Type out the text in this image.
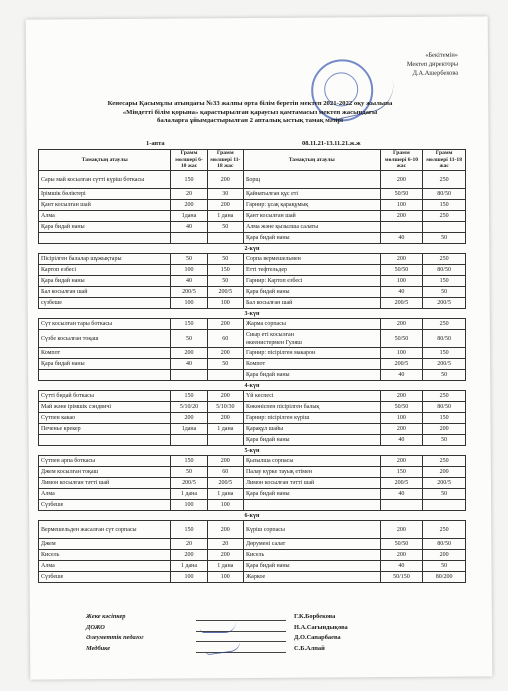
«Бекітемін»
Мектеп директоры
Д.А.Ашербекова
Кенесары Қасымұлы атындағы №33 жалпы орта білім беретін мектеп 2021-2022 оқу жылына
«Міндетті білім қорына» қарастырылған қараусыз қамтамасыз мектеп жасындағы
балаларға ұйымдастырылған 2 апталық ыстық тамақ мәзірі
1-апта	08.11.21-13.11.21.ж.ж
Тамақтың атаулы	Грамм мөлшері 6-10 жас	Грамм мөлшері 11-18 жас	Тамақтың атаулы	Грамм мөлшері 6-10 жас	Грамм мөлшері 11-18 жас
Сары май косылған сүтті күріш боткасы	150	200	Борщ	200	250
Ірімшік бөліктері	20	30	Қайнатылған құс еті	50/50	80/50
Қант косылған шай	200	200	Гарнир: ұсақ қарақұмық	100	150
Алма	1дана	1 дана	Қант косылған шай	200	250
Қара бидай наны	40	50	Алма және қызылша салаты		
			Қара бидай наны	40	50
2-күн					
Пісірілген балалар шұжықтары	50	50	Сорпа вермешельмен	200	250
Картоп езбесі	100	150	Етті тефтельдер	50/50	80/50
Қара бидай наны	40	50	Гарнир: Картоп езбесі	100	150
Бал косылған шай	200/5	200/5	Қара бидай наны	40	50
сүзбеше	100	100	Бал косылған шай	200/5	200/5
3-күн					
Сүт косылған тары боткасы	150	200	Жарма сорпасы	200	250
Сүзбе косылған тоқаш	50	60	Сиыр еті косылған
өкеенистермен Гуляш	50/50	80/50
Компот	200	200	Гарнир: пісірілген макарон	100	150
Қара бидай наны	40	50	Компот	200/5	200/5
			Қара бидай наны	40	50
4-күн					
Сүтті бидай боткасы	150	200	Үй кеспесі	200	250
Май және ірімшік сэндвичі	5/10/20	5/10/30	Көкөніспен пісірілген балық	50/50	80/50
Сүтпен какао	200	200	Гарнир: пісірілген күріш	100	150
Печенье крекер	1дана	1 дана	Қарақұл шайы	200	200
			Қара бидай наны	40	50
5-күн					
Сүтпен арпа боткасы	150	200	Қызылша сорпасы	200	250
Джем косылған тоқаш	50	60	Палау күркe тауық етімен	150	200
Лимон косылған тәтті шай	200/5	200/5	Лимон косылған тәтті шай	200/5	200/5
Алма	1 дана	1 дана	Қара бидай наны	40	50
Сүзбеше	100	100			
6-күн					
Вермешельден жасалған сүт сорпасы	150	200	Күріш сорпасы	200	250
Джем	20	20	Дөрумені салат	50/50	80/50
Кисель	200	200	Кисель	200	200
Алма	1 дана	1 дана	Қара бидай наны	40	50
Сүзбеше	100	100	Жаркое	50/150	80/200
Жеке кәсіпкер	Г.К.Борбекова
ДОЖО	Н.А.Сағындықова
Әлеуметтік педагог	Д.О.Сапарбаева
Медбике	С.Б.Алпай
